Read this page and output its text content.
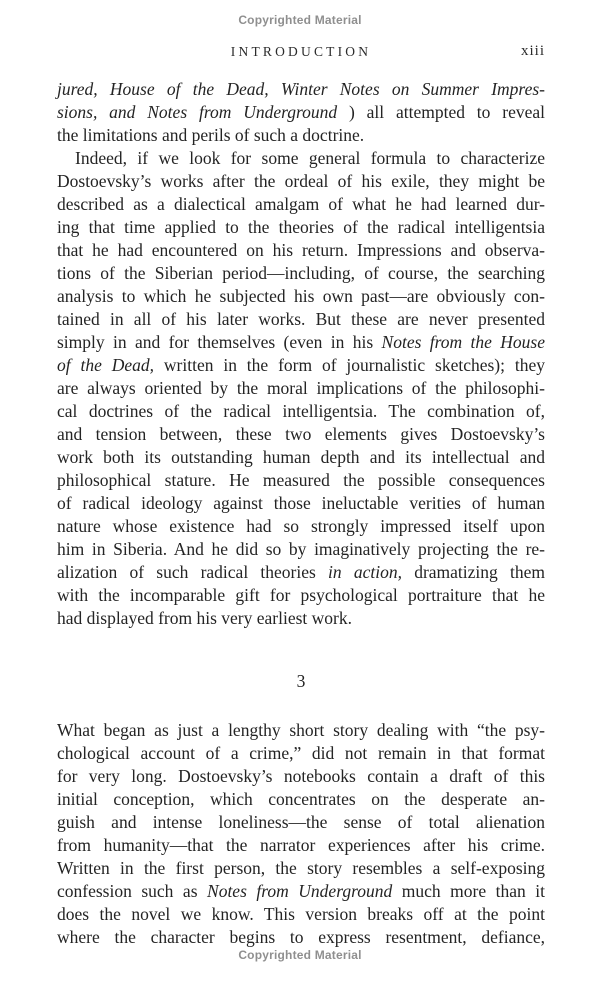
Copyrighted Material
INTRODUCTION	xiii
jured, House of the Dead, Winter Notes on Summer Impres-
sions, and Notes from Underground ) all attempted to reveal
the limitations and perils of such a doctrine.
Indeed, if we look for some general formula to characterize
Dostoevsky’s works after the ordeal of his exile, they might be
described as a dialectical amalgam of what he had learned dur-
ing that time applied to the theories of the radical intelligentsia
that he had encountered on his return. Impressions and observa-
tions of the Siberian period—including, of course, the searching
analysis to which he subjected his own past—are obviously con-
tained in all of his later works. But these are never presented
simply in and for themselves (even in his Notes from the House
of the Dead, written in the form of journalistic sketches); they
are always oriented by the moral implications of the philosophi-
cal doctrines of the radical intelligentsia. The combination of,
and tension between, these two elements gives Dostoevsky’s
work both its outstanding human depth and its intellectual and
philosophical stature. He measured the possible consequences
of radical ideology against those ineluctable verities of human
nature whose existence had so strongly impressed itself upon
him in Siberia. And he did so by imaginatively projecting the re-
alization of such radical theories in action, dramatizing them
with the incomparable gift for psychological portraiture that he
had displayed from his very earliest work.
3
What began as just a lengthy short story dealing with “the psy-
chological account of a crime,” did not remain in that format
for very long. Dostoevsky’s notebooks contain a draft of this
initial conception, which concentrates on the desperate an-
guish and intense loneliness—the sense of total alienation
from humanity—that the narrator experiences after his crime.
Written in the first person, the story resembles a self-exposing
confession such as Notes from Underground much more than it
does the novel we know. This version breaks off at the point
where the character begins to express resentment, defiance,
Copyrighted Material
